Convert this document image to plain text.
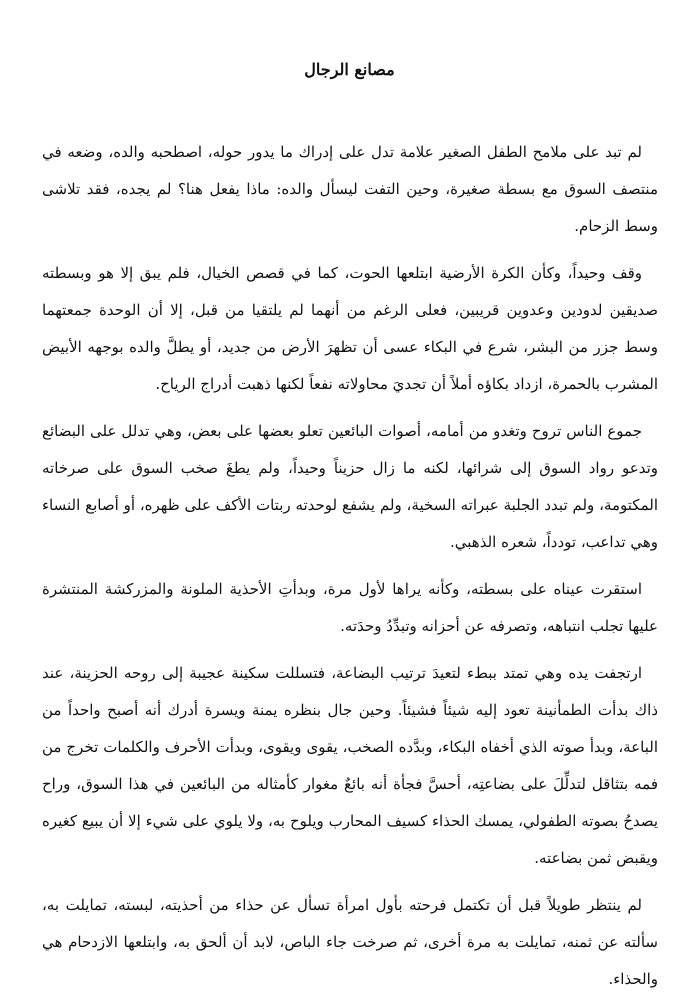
مصانع الرجال

لم تبد على ملامح الطفل الصغير علامة تدل على إدراك ما يدور حوله، اصطحبه والده، وضعه في منتصف السوق مع بسطة صغيرة، وحين التفت ليسأل والده: ماذا يفعل هنا؟ لم يجده، فقد تلاشى وسط الزحام.

وقف وحيداً، وكأن الكرة الأرضية ابتلعها الحوت، كما في قصص الخيال، فلم يبق إلا هو وبسطته صديقين لدودين وعدوين قريبين، فعلى الرغم من أنهما لم يلتقيا من قبل، إلا أن الوحدة جمعتهما وسط جزر من البشر، شرع في البكاء عسى أن تظهرَ الأرض من جديد، أو يطلَّ والده بوجهه الأبيض المشرب بالحمرة، ازداد بكاؤه أملاً أن تجديَ محاولاته نفعاً لكنها ذهبت أدراج الرياح.

جموع الناس تروح وتغدو من أمامه، أصوات البائعين تعلو بعضها على بعض، وهي تدلل على البضائع وتدعو رواد السوق إلى شرائها، لكنه ما زال حزيناً وحيداً، ولم يطغَ صخب السوق على صرخاته المكتومة، ولم تبدد الجلبة عبراته السخية، ولم يشفع لوحدته ربتات الأكف على ظهره، أو أصابع النساء وهي تداعب، تودداً، شعره الذهبي.

استقرت عيناه على بسطته، وكأنه يراها لأول مرة، وبدأتِ الأحذية الملونة والمزركشة المنتشرة عليها تجلب انتباهه، وتصرفه عن أحزانه وتبدِّدُ وحدَته.

ارتجفت يده وهي تمتد ببطء لتعيدَ ترتيب البضاعة، فتسللت سكينة عجيبة إلى روحه الحزينة، عند ذاك بدأت الطمأنينة تعود إليه شيئاً فشيئاً. وحين جال بنظره يمنة ويسرة أدرك أنه أصبح واحداً من الباعة، وبدأ صوته الذي أخفاه البكاء، وبدَّده الصخب، يقوى ويقوى، وبدأت الأحرف والكلمات تخرج من فمه بتثاقل لتدلِّلَ على بضاعتِه، أحسَّ فجأة أنه بائعٌ مغوار كأمثاله من البائعين في هذا السوق، وراح يصدحُ بصوته الطفولي، يمسك الحذاء كسيف المحارب ويلوح به، ولا يلوي على شيء إلا أن يبيع كغيره ويقبض ثمن بضاعته.

لم ينتظر طويلاً قبل أن تكتمل فرحته بأول امرأة تسأل عن حذاء من أحذيته، لبسته، تمايلت به، سألته عن ثمنه، تمايلت به مرة أخرى، ثم صرخت جاء الباص، لابد أن ألحق به، وابتلعها الازدحام هي والحذاء.
